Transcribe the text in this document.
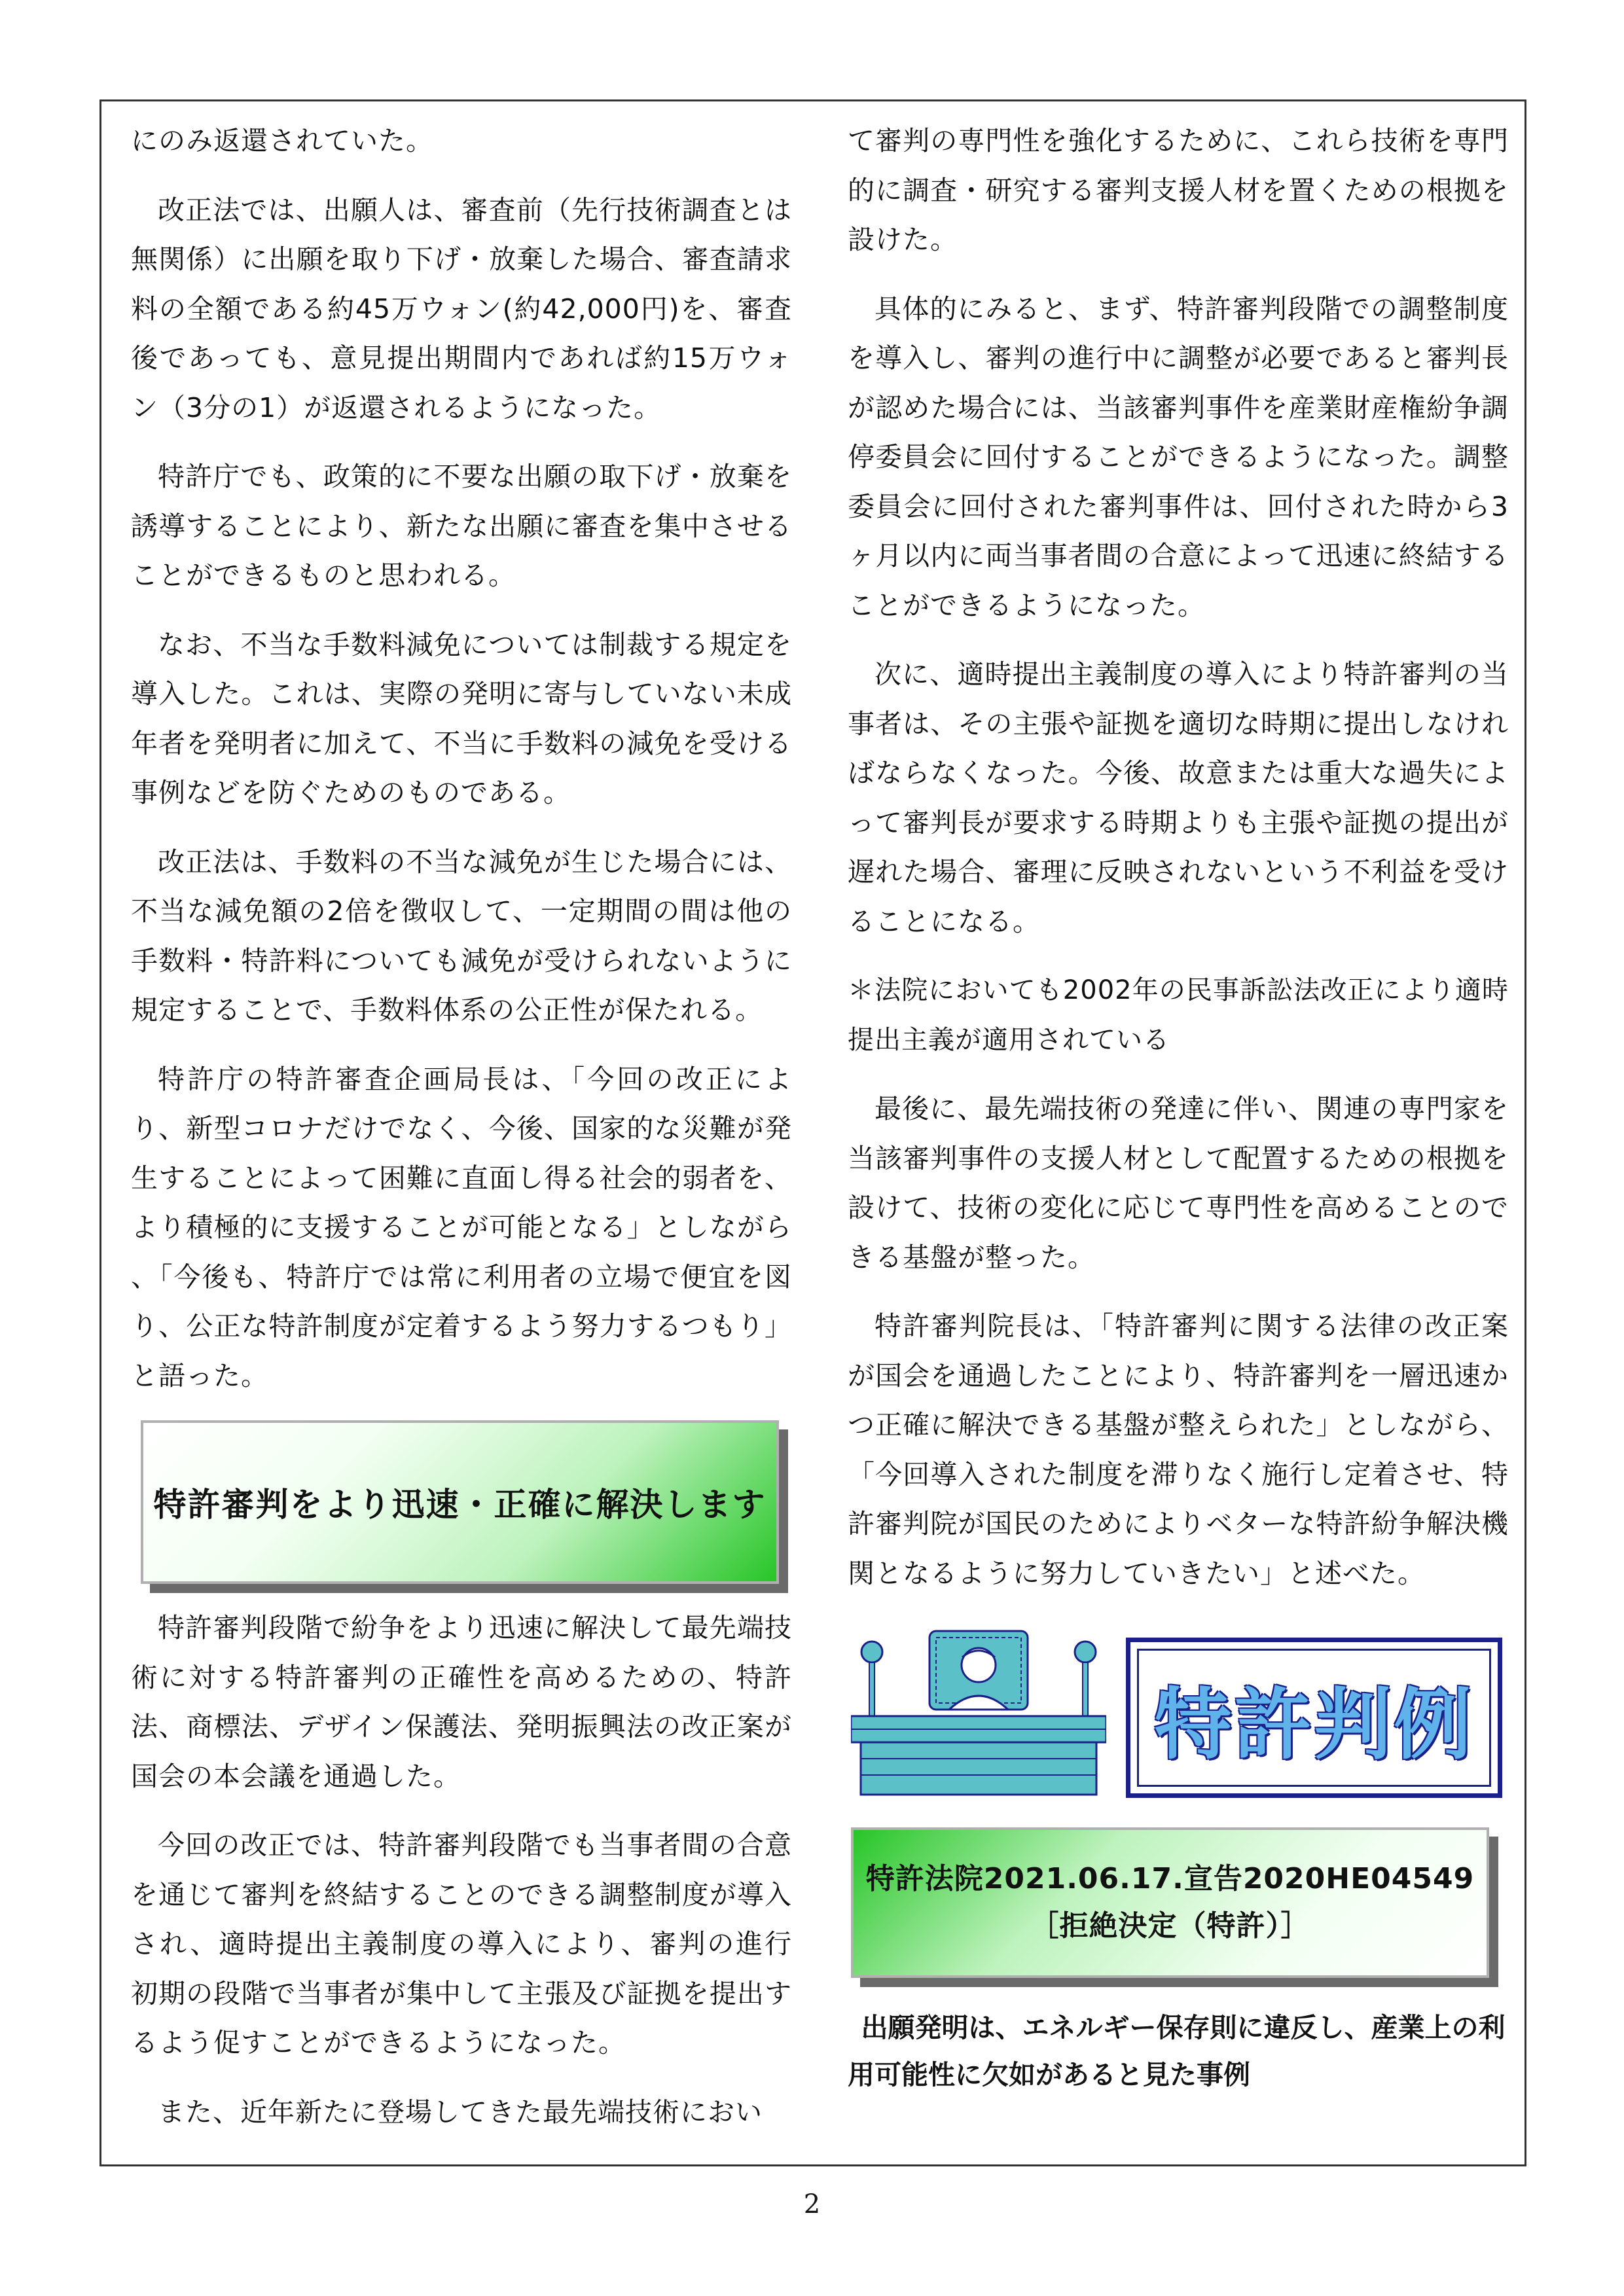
にのみ返還されていた。

改正法では、出願人は、審査前（先行技術調査とは無関係）に出願を取り下げ・放棄した場合、審査請求料の全額である約45万ウォン(約42,000円)を、審査後であっても、意見提出期間内であれば約15万ウォン（3分の1）が返還されるようになった。

特許庁でも、政策的に不要な出願の取下げ・放棄を誘導することにより、新たな出願に審査を集中させることができるものと思われる。

なお、不当な手数料減免については制裁する規定を導入した。これは、実際の発明に寄与していない未成年者を発明者に加えて、不当に手数料の減免を受ける事例などを防ぐためのものである。

改正法は、手数料の不当な減免が生じた場合には、不当な減免額の2倍を徴収して、一定期間の間は他の手数料・特許料についても減免が受けられないように規定することで、手数料体系の公正性が保たれる。

特許庁の特許審査企画局長は、「今回の改正により、新型コロナだけでなく、今後、国家的な災難が発生することによって困難に直面し得る社会的弱者を、より積極的に支援することが可能となる」としながら 、「今後も、特許庁では常に利用者の立場で便宜を図り、公正な特許制度が定着するよう努力するつもり」と語った。

特許審判をより迅速・正確に解決します

特許審判段階で紛争をより迅速に解決して最先端技術に対する特許審判の正確性を高めるための、特許法、商標法、デザイン保護法、発明振興法の改正案が国会の本会議を通過した。

今回の改正では、特許審判段階でも当事者間の合意を通じて審判を終結することのできる調整制度が導入され、適時提出主義制度の導入により、審判の進行初期の段階で当事者が集中して主張及び証拠を提出するよう促すことができるようになった。

また、近年新たに登場してきた最先端技術におい

て審判の専門性を強化するために、これら技術を専門的に調査・研究する審判支援人材を置くための根拠を設けた。

具体的にみると、まず、特許審判段階での調整制度を導入し、審判の進行中に調整が必要であると審判長が認めた場合には、当該審判事件を産業財産権紛争調停委員会に回付することができるようになった。調整委員会に回付された審判事件は、回付された時から3ヶ月以内に両当事者間の合意によって迅速に終結することができるようになった。

次に、適時提出主義制度の導入により特許審判の当事者は、その主張や証拠を適切な時期に提出しなければならなくなった。今後、故意または重大な過失によって審判長が要求する時期よりも主張や証拠の提出が遅れた場合、審理に反映されないという不利益を受けることになる。

＊法院においても2002年の民事訴訟法改正により適時提出主義が適用されている

最後に、最先端技術の発達に伴い、関連の専門家を当該審判事件の支援人材として配置するための根拠を設けて、技術の変化に応じて専門性を高めることのできる基盤が整った。

特許審判院長は、「特許審判に関する法律の改正案が国会を通過したことにより、特許審判を一層迅速かつ正確に解決できる基盤が整えられた」としながら、「今回導入された制度を滞りなく施行し定着させ、特許審判院が国民のためによりベターな特許紛争解決機関となるように努力していきたい」と述べた。

特許判例
特許法院2021.06.17.宣告2020HE04549
［拒絶決定（特許）］

出願発明は、エネルギー保存則に違反し、産業上の利用可能性に欠如があると見た事例

2
